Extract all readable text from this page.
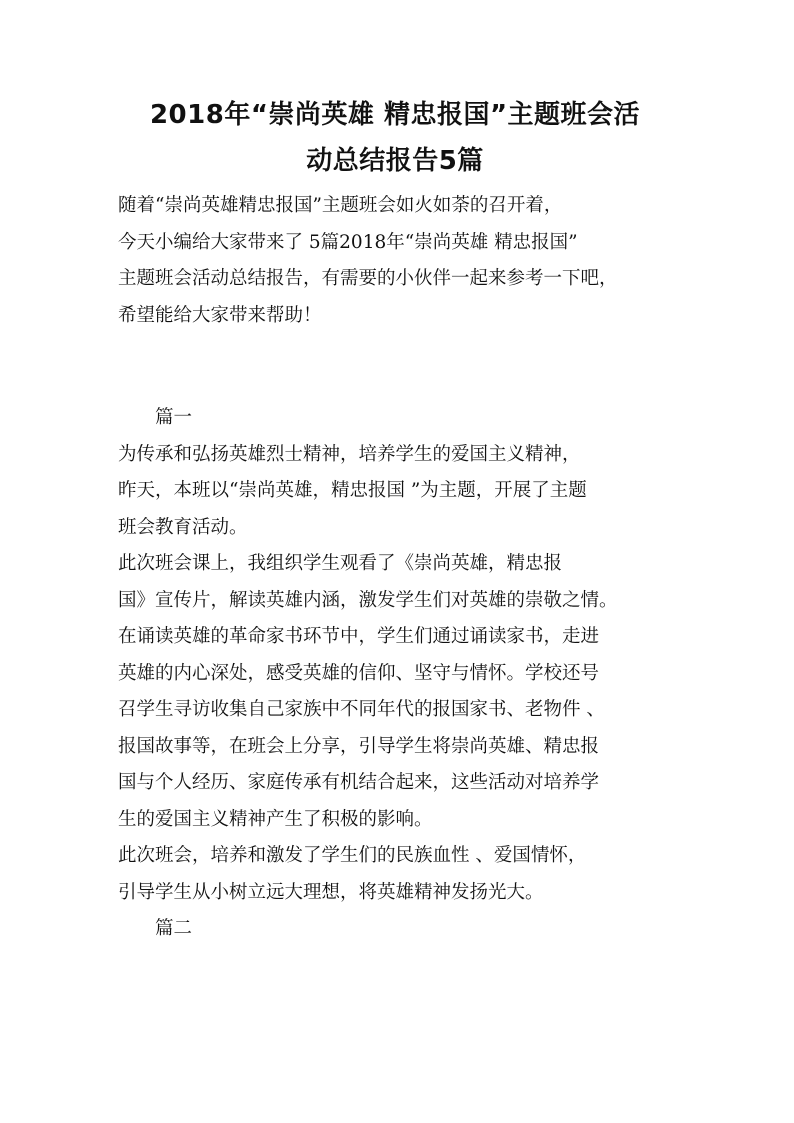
2018年“崇尚英雄 精忠报国”主题班会活
动总结报告5篇

随着“崇尚英雄精忠报国”主题班会如火如荼的召开着，
今天小编给大家带来了 5篇2018年“崇尚英雄 精忠报国”
主题班会活动总结报告，有需要的小伙伴一起来参考一下吧，
希望能给大家带来帮助！

篇一

为传承和弘扬英雄烈士精神，培养学生的爱国主义精神，
昨天，本班以“崇尚英雄，精忠报国 ”为主题，开展了主题
班会教育活动。

此次班会课上，我组织学生观看了《崇尚英雄，精忠报
国》宣传片，解读英雄内涵，激发学生们对英雄的崇敬之情。
在诵读英雄的革命家书环节中，学生们通过诵读家书，走进
英雄的内心深处，感受英雄的信仰、坚守与情怀。学校还号
召学生寻访收集自己家族中不同年代的报国家书、老物件 、
报国故事等，在班会上分享，引导学生将崇尚英雄、精忠报
国与个人经历、家庭传承有机结合起来，这些活动对培养学
生的爱国主义精神产生了积极的影响。

此次班会，培养和激发了学生们的民族血性 、爱国情怀，
引导学生从小树立远大理想，将英雄精神发扬光大。

篇二
